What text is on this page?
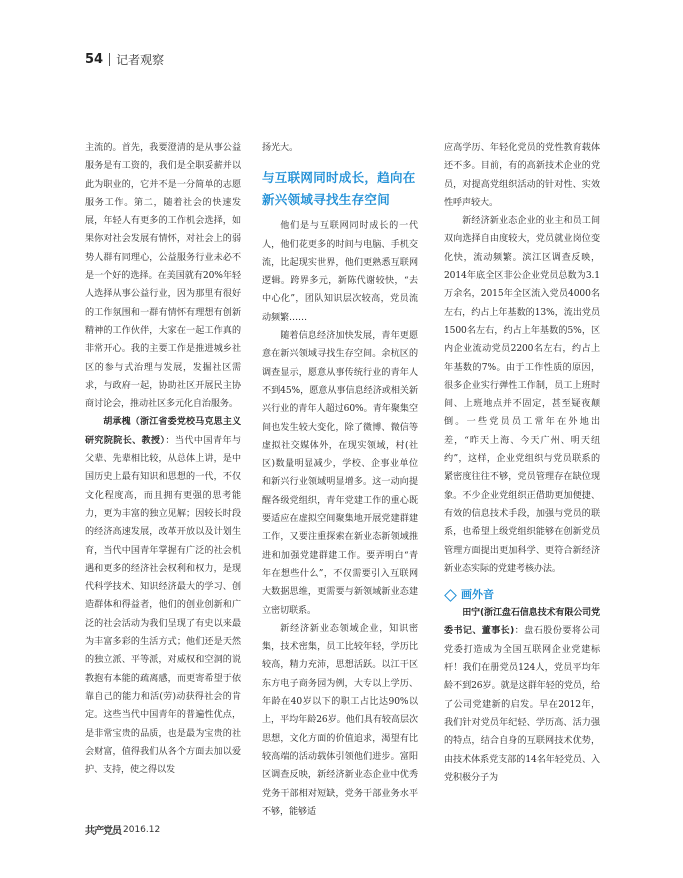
54 记者观察

主流的。首先，我要澄清的是从事公益服务是有工资的，我们是全职妥薪并以此为职业的，它并不是一分简单的志愿服务工作。第二，随着社会的快速发展，年轻人有更多的工作机会选择，如果你对社会发展有情怀，对社会上的弱势人群有同理心，公益服务行业未必不是一个好的选择。在美国就有20%年轻人选择从事公益行业，因为那里有很好的工作氛围和一群有情怀有理想有创新精神的工作伙伴，大家在一起工作真的非常开心。我的主要工作是推进城乡社区的参与式治理与发展，发掘社区需求，与政府一起，协助社区开展民主协商讨论会，推动社区多元化自治服务。

胡承槐（浙江省委党校马克思主义研究院院长、教授）：当代中国青年与父辈、先辈相比较，从总体上讲，是中国历史上最有知识和思想的一代，不仅文化程度高，而且拥有更强的思考能力，更为丰富的独立见解；因较长时段的经济高速发展，改革开放以及计划生育，当代中国青年掌握有广泛的社会机遇和更多的经济社会权利和权力，是现代科学技术、知识经济最大的学习、创造群体和得益者，他们的创业创新和广泛的社会活动为我们呈现了有史以来最为丰富多彩的生活方式；他们还是天然的独立派、平等派，对威权和空洞的说教抱有本能的疏离感，而更寄希望于依靠自己的能力和活(劳)动获得社会的肯定。这些当代中国青年的普遍性优点，是非常宝贵的品质，也是最为宝贵的社会财富，值得我们从各个方面去加以爱护、支持，使之得以发

扬光大。

与互联网同时成长，趋向在新兴领域寻找生存空间

他们是与互联网同时成长的一代人，他们花更多的时间与电脑、手机交流，比起现实世界，他们更熟悉互联网逻辑。跨界多元，新陈代谢较快，“去中心化”，团队知识层次较高，党员流动频繁……

随着信息经济加快发展，青年更愿意在新兴领域寻找生存空间。余杭区的调查显示，愿意从事传统行业的青年人不到45%，愿意从事信息经济或相关新兴行业的青年人超过60%。青年聚集空间也发生较大变化，除了微博、微信等虚拟社交媒体外，在现实领域，村(社区)数量明显减少，学校、企事业单位和新兴行业领域明显增多。这一动向提醒各级党组织，青年党建工作的重心既要适应在虚拟空间聚集地开展党建群建工作，又要注重探索在新业态新领域推进和加强党建群建工作。要弄明白“青年在想些什么”，不仅需要引入互联网大数据思维，更需要与新领域新业态建立密切联系。

新经济新业态领域企业，知识密集，技术密集，员工比较年轻，学历比较高，精力充沛，思想活跃。以江干区东方电子商务园为例，大专以上学历、年龄在40岁以下的职工占比达90%以上，平均年龄26岁。他们具有较高层次思想，文化方面的价值追求，渴望有比较高端的活动载体引领他们进步。富阳区调查反映，新经济新业态企业中优秀党务干部相对短缺，党务干部业务水平不够，能够适

应高学历、年轻化党员的党性教育载体还不多。目前，有的高新技术企业的党员，对提高党组织活动的针对性、实效性呼声较大。

新经济新业态企业的业主和员工间双向选择自由度较大，党员就业岗位变化快，流动频繁。滨江区调查反映，2014年底全区非公企业党员总数为3.1万余名，2015年全区流入党员4000名左右，约占上年基数的13%，流出党员1500名左右，约占上年基数的5%，区内企业流动党员2200名左右，约占上年基数的7%。由于工作性质的原因，很多企业实行弹性工作制，员工上班时间、上班地点并不固定，甚至疑夜颠倒。一些党员员工常年在外地出差，“昨天上海、今天广州、明天纽约”，这样，企业党组织与党员联系的紧密度往往不够，党员管理存在缺位现象。不少企业党组织正借助更加便捷、有效的信息技术手段，加强与党员的联系，也希望上级党组织能够在创新党员管理方面提出更加科学、更符合新经济新业态实际的党建考核办法。

画外音

田宁(浙江盘石信息技术有限公司党委书记、董事长)：盘石股份要将公司党委打造成为全国互联网企业党建标杆！我们在册党员124人，党员平均年龄不到26岁。就是这群年轻的党员，给了公司党建新的启发。早在2012年，我们针对党员年纪轻、学历高、活力强的特点，结合自身的互联网技术优势，由技术体系党支部的14名年轻党员、入党积极分子为

共产党员 2016.12
